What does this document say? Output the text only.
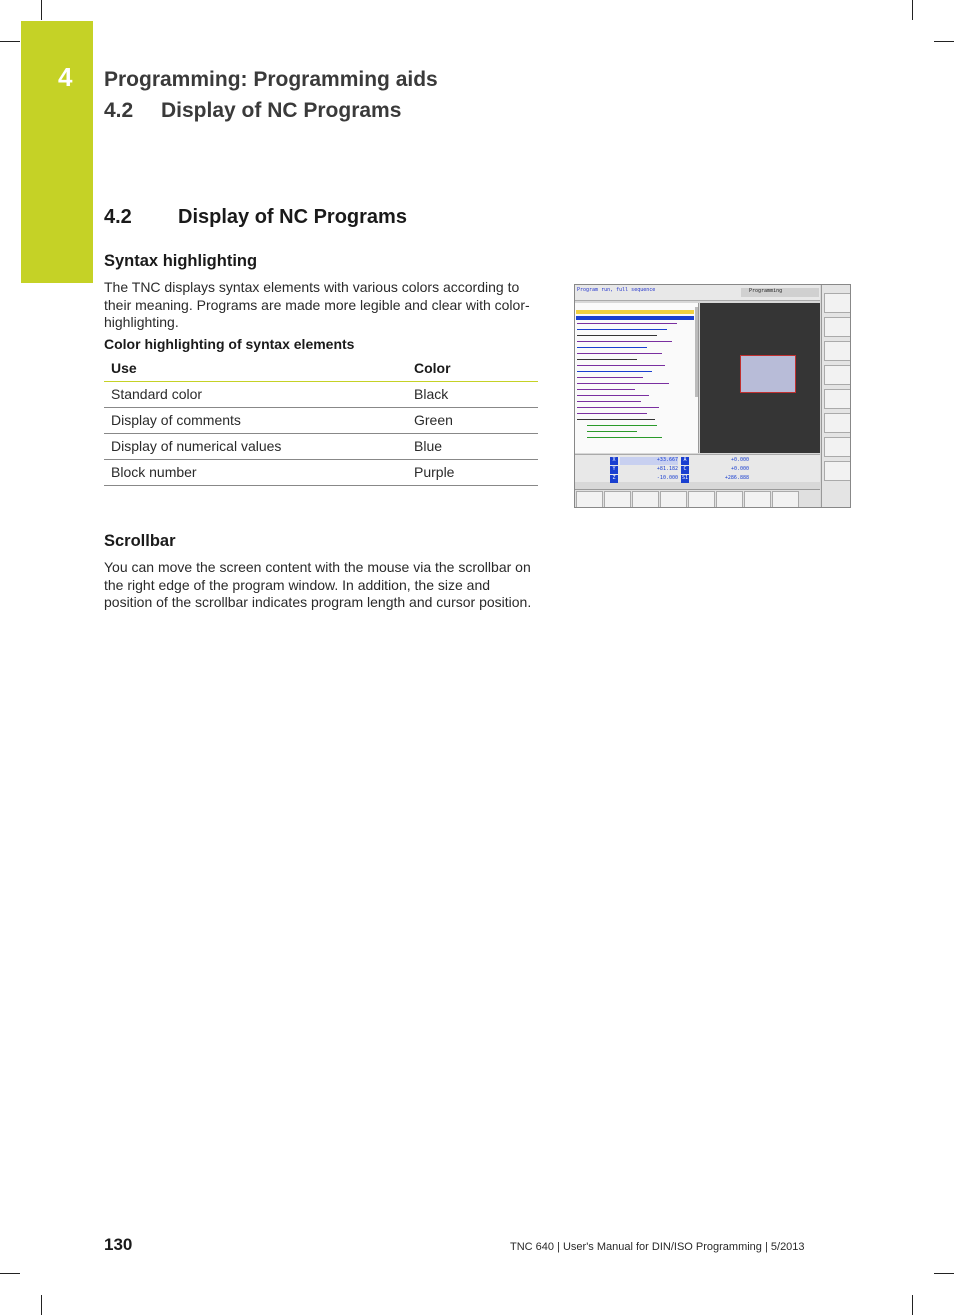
4 Programming: Programming aids
4.2 Display of NC Programs
4.2 Display of NC Programs
Syntax highlighting

The TNC displays syntax elements with various colors according to their meaning. Programs are made more legible and clear with color-highlighting.

Color highlighting of syntax elements
Use	Color
Standard color	Black
Display of comments	Green
Display of numerical values	Blue
Block number	Purple
Program run, full sequence	Programming
X	+33.667
Y	+81.182
Z	-10.000
A	+0.000
C	+0.000
S1	+286.888
Scrollbar

You can move the screen content with the mouse via the scrollbar on the right edge of the program window. In addition, the size and position of the scrollbar indicates program length and cursor position.

130	TNC 640 | User's Manual for DIN/ISO Programming | 5/2013
